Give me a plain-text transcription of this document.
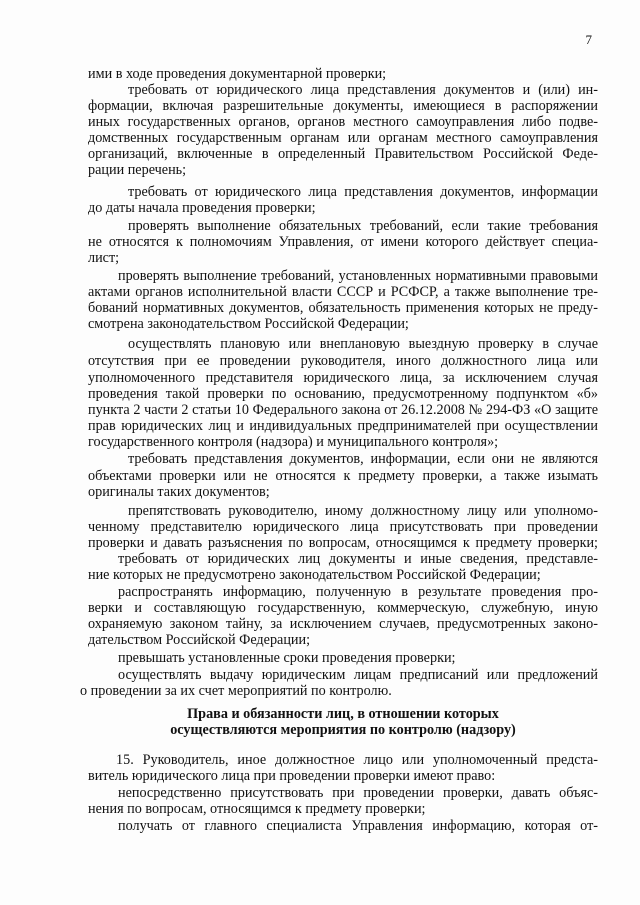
7
ими в ходе проведения документарной проверки;
требовать от юридического лица представления документов и (или) ин-
формации, включая разрешительные документы, имеющиеся в распоряжении
иных государственных органов, органов местного самоуправления либо подве-
домственных государственным органам или органам местного самоуправления
организаций, включенные в определенный Правительством Российской Феде-
рации перечень;
требовать от юридического лица представления документов, информации
до даты начала проведения проверки;
проверять выполнение обязательных требований, если такие требования
не относятся к полномочиям Управления, от имени которого действует специа-
лист;
проверять выполнение требований, установленных нормативными правовыми
актами органов исполнительной власти СССР и РСФСР, а также выполнение тре-
бований нормативных документов, обязательность применения которых не преду-
смотрена законодательством Российской Федерации;
осуществлять плановую или внеплановую выездную проверку в случае
отсутствия при ее проведении руководителя, иного должностного лица или
уполномоченного представителя юридического лица, за исключением случая
проведения такой проверки по основанию, предусмотренному подпунктом «б»
пункта 2 части 2 статьи 10 Федерального закона от 26.12.2008 № 294-ФЗ «О защите
прав юридических лиц и индивидуальных предпринимателей при осуществлении
государственного контроля (надзора) и муниципального контроля»;
требовать представления документов, информации, если они не являются
объектами проверки или не относятся к предмету проверки, а также изымать
оригиналы таких документов;
препятствовать руководителю, иному должностному лицу или уполномо-
ченному представителю юридического лица присутствовать при проведении
проверки и давать разъяснения по вопросам, относящимся к предмету проверки;
требовать от юридических лиц документы и иные сведения, представле-
ние которых не предусмотрено законодательством Российской Федерации;
распространять информацию, полученную в результате проведения про-
верки и составляющую государственную, коммерческую, служебную, иную
охраняемую законом тайну, за исключением случаев, предусмотренных законо-
дательством Российской Федерации;
превышать установленные сроки проведения проверки;
осуществлять выдачу юридическим лицам предписаний или предложений
о проведении за их счет мероприятий по контролю.
Права и обязанности лиц, в отношении которых
осуществляются мероприятия по контролю (надзору)
15. Руководитель, иное должностное лицо или уполномоченный предста-
витель юридического лица при проведении проверки имеют право:
непосредственно присутствовать при проведении проверки, давать объяс-
нения по вопросам, относящимся к предмету проверки;
получать от главного специалиста Управления информацию, которая от-
